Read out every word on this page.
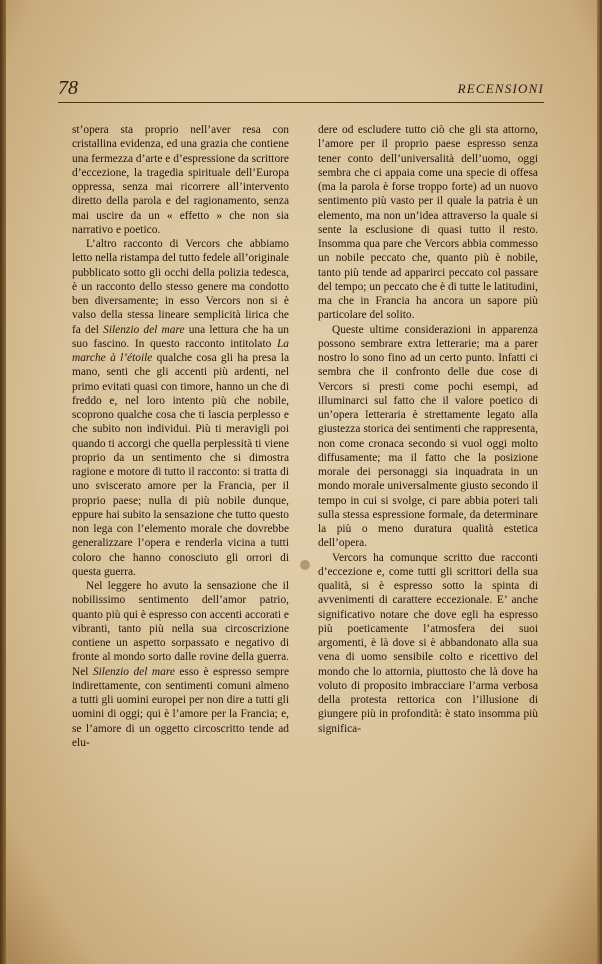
78	RECENSIONI

st’opera sta proprio nell’aver resa con cristallina evidenza, ed una grazia che contiene una fermezza d’arte e d’espressione da scrittore d’eccezione, la tragedia spirituale dell’Europa oppressa, senza mai ricorrere all’intervento diretto della parola e del ragionamento, senza mai uscire da un « effetto » che non sia narrativo e poetico.

L’altro racconto di Vercors che abbiamo letto nella ristampa del tutto fedele all’originale pubblicato sotto gli occhi della polizia tedesca, è un racconto dello stesso genere ma condotto ben diversamente; in esso Vercors non si è valso della stessa lineare semplicità lirica che fa del Silenzio del mare una lettura che ha un suo fascino. In questo racconto intitolato La marche à l’étoile qualche cosa gli ha presa la mano, senti che gli accenti più ardenti, nel primo evitati quasi con timore, hanno un che di freddo e, nel loro intento più che nobile, scoprono qualche cosa che ti lascia perplesso e che subito non individui. Più ti meravigli poi quando ti accorgi che quella perplessità ti viene proprio da un sentimento che si dimostra ragione e motore di tutto il racconto: si tratta di uno sviscerato amore per la Francia, per il proprio paese; nulla di più nobile dunque, eppure hai subito la sensazione che tutto questo non lega con l’elemento morale che dovrebbe generalizzare l’opera e renderla vicina a tutti coloro che hanno conosciuto gli orrori di questa guerra.

Nel leggere ho avuto la sensazione che il nobilissimo sentimento dell’amor patrio, quanto più qui è espresso con accenti accorati e vibranti, tanto più nella sua circoscrizione contiene un aspetto sorpassato e negativo di fronte al mondo sorto dalle rovine della guerra. Nel Silenzio del mare esso è espresso sempre indirettamente, con sentimenti comuni almeno a tutti gli uomini europei per non dire a tutti gli uomini di oggi; qui è l’amore per la Francia; e, se l’amore di un oggetto circoscritto tende ad elu-

dere od escludere tutto ciò che gli sta attorno, l’amore per il proprio paese espresso senza tener conto dell’universalità dell’uomo, oggi sembra che ci appaia come una specie di offesa (ma la parola è forse troppo forte) ad un nuovo sentimento più vasto per il quale la patria è un elemento, ma non un’idea attraverso la quale si sente la esclusione di quasi tutto il resto. Insomma qua pare che Vercors abbia commesso un nobile peccato che, quanto più è nobile, tanto più tende ad apparirci peccato col passare del tempo; un peccato che è di tutte le latitudini, ma che in Francia ha ancora un sapore più particolare del solito.

Queste ultime considerazioni in apparenza possono sembrare extra letterarie; ma a parer nostro lo sono fino ad un certo punto. Infatti ci sembra che il confronto delle due cose di Vercors si presti come pochi esempi, ad illuminarci sul fatto che il valore poetico di un’opera letteraria è strettamente legato alla giustezza storica dei sentimenti che rappresenta, non come cronaca secondo si vuol oggi molto diffusamente; ma il fatto che la posizione morale dei personaggi sia inquadrata in un mondo morale universalmente giusto secondo il tempo in cui si svolge, ci pare abbia poteri tali sulla stessa espressione formale, da determinare la più o meno duratura qualità estetica dell’opera.

Vercors ha comunque scritto due racconti d’eccezione e, come tutti gli scrittori della sua qualità, si è espresso sotto la spinta di avvenimenti di carattere eccezionale. E’ anche significativo notare che dove egli ha espresso più poeticamente l’atmosfera dei suoi argomenti, è là dove si è abbandonato alla sua vena di uomo sensibile colto e ricettivo del mondo che lo attornia, piuttosto che là dove ha voluto di proposito imbracciare l’arma verbosa della protesta rettorica con l’illusione di giungere più in profondità: è stato insomma più significa-
